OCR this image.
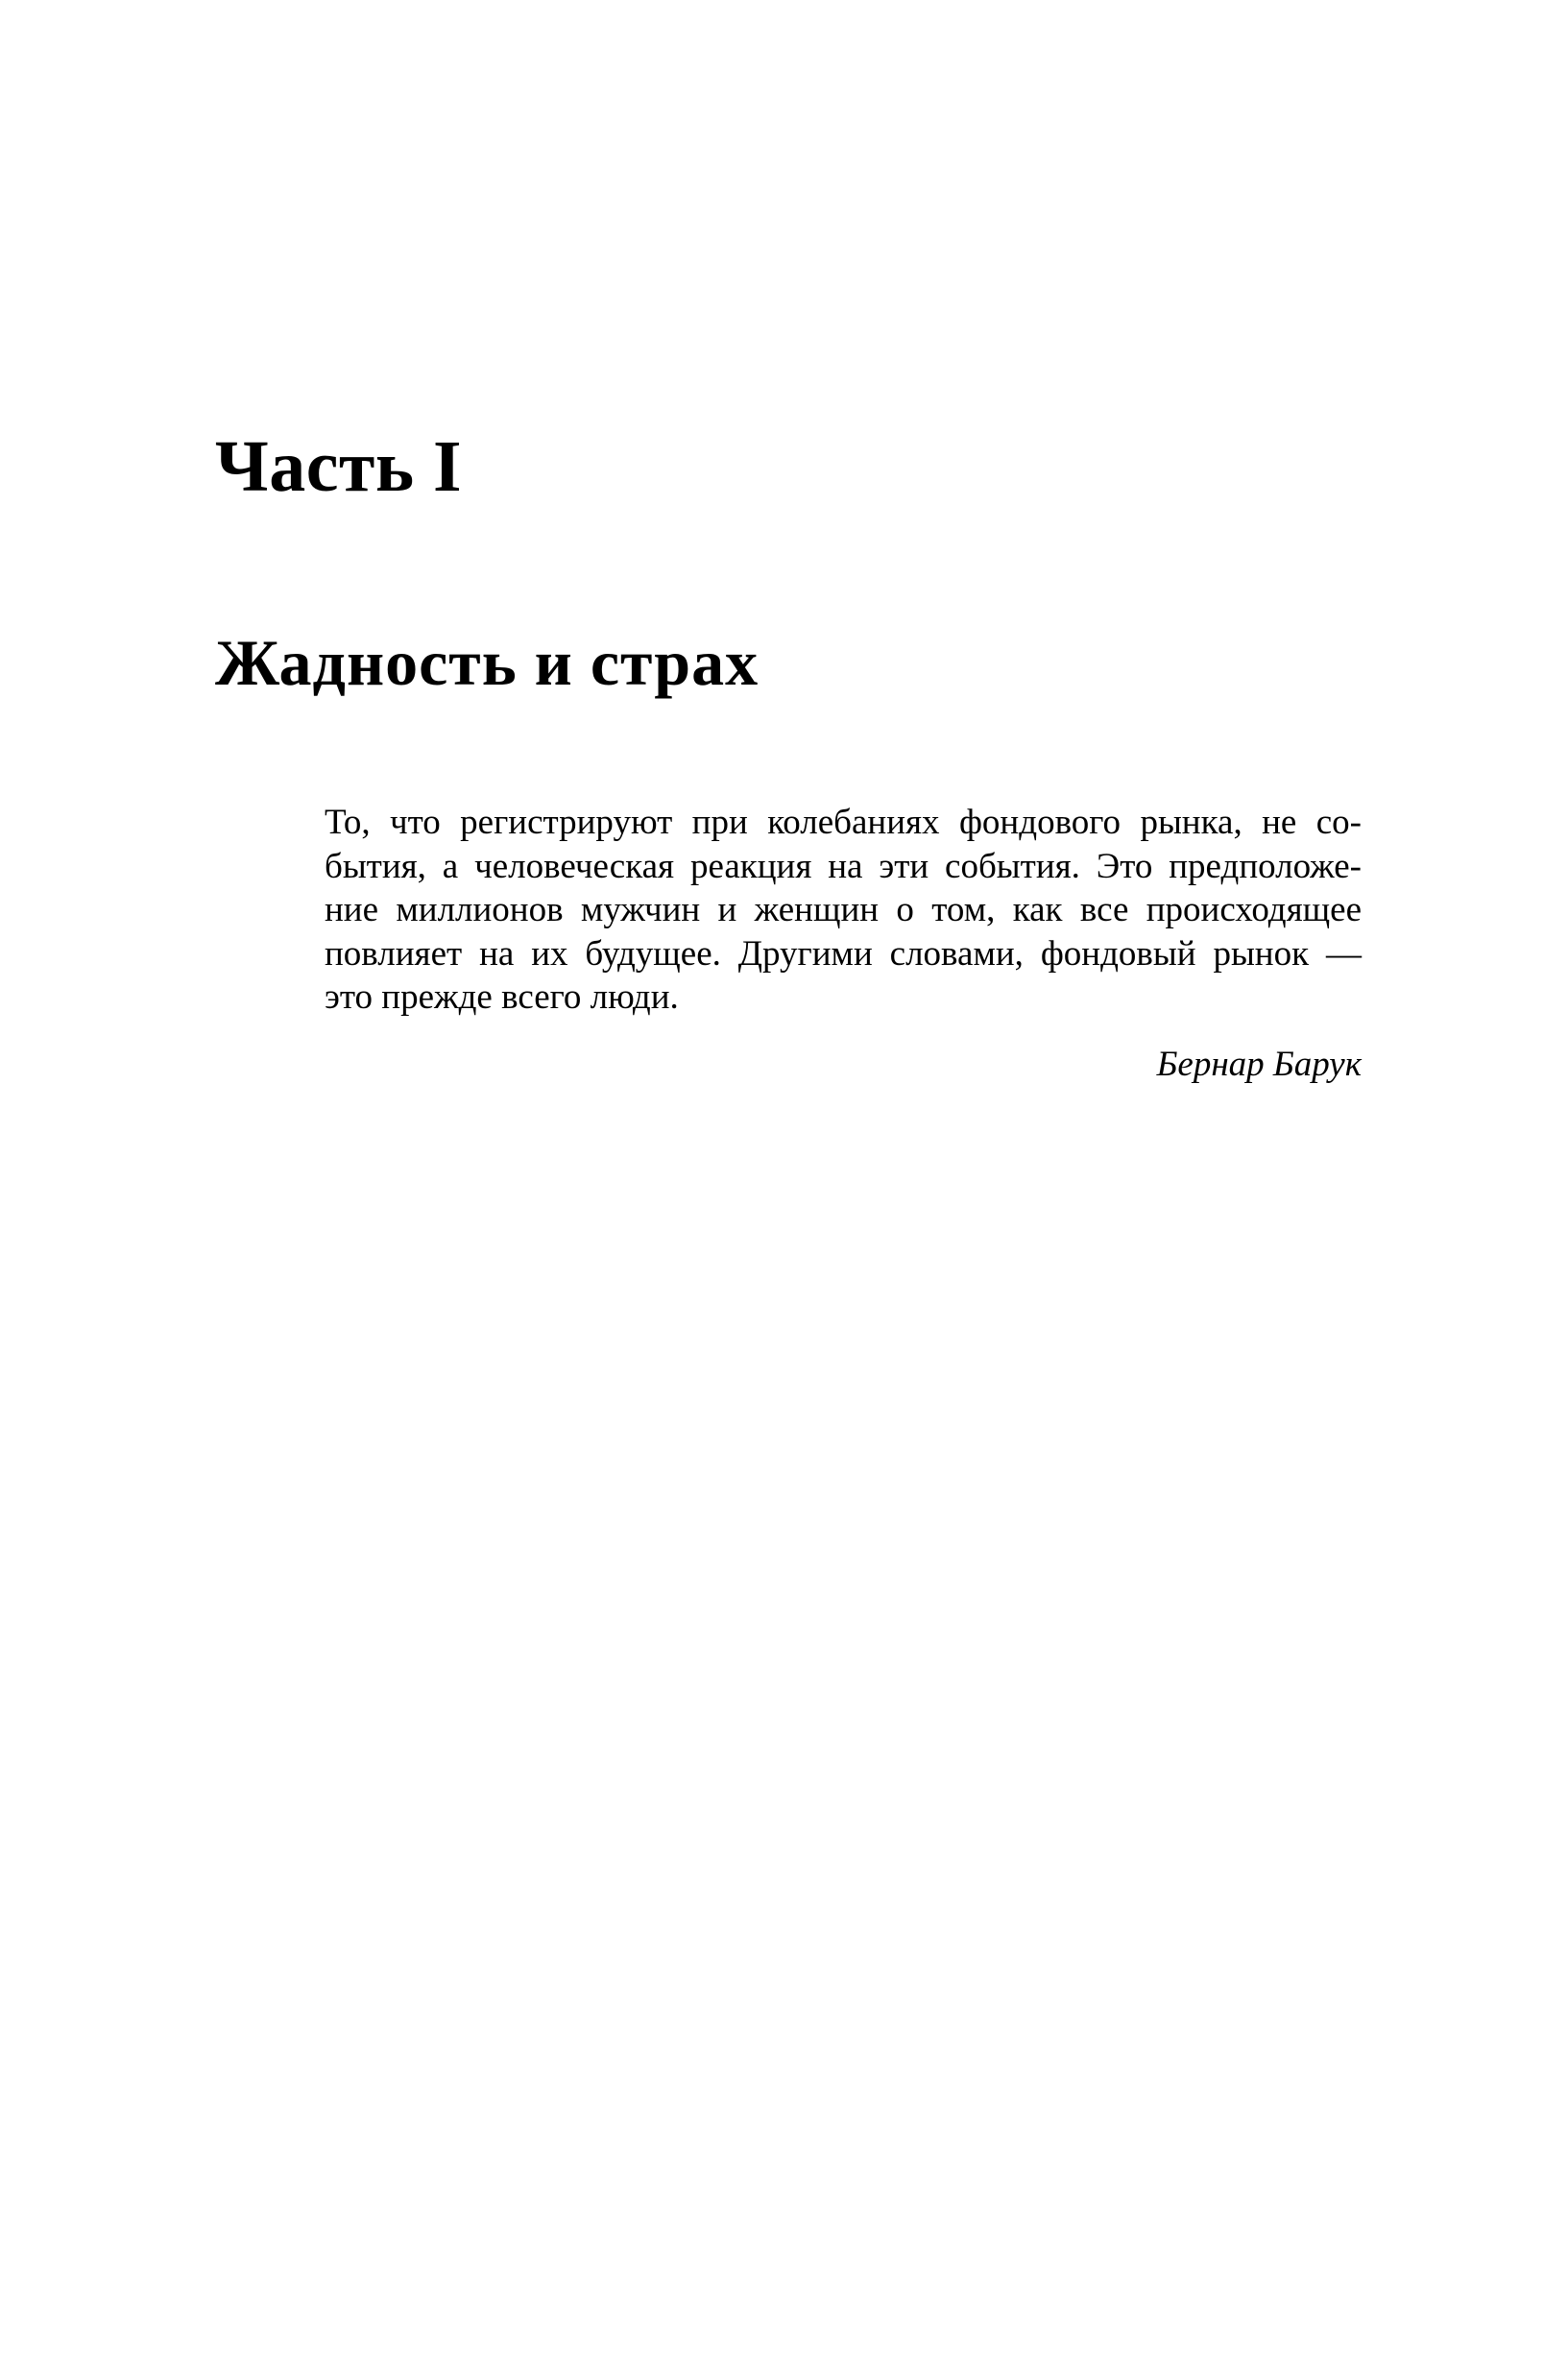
Часть I
Жадность и страх
То, что регистрируют при колебаниях фондового рынка, не со-
бытия, а человеческая реакция на эти события. Это предположе-
ние миллионов мужчин и женщин о том, как все происходящее
повлияет на их будущее. Другими словами, фондовый рынок —
это прежде всего люди.
Бернар Барук
